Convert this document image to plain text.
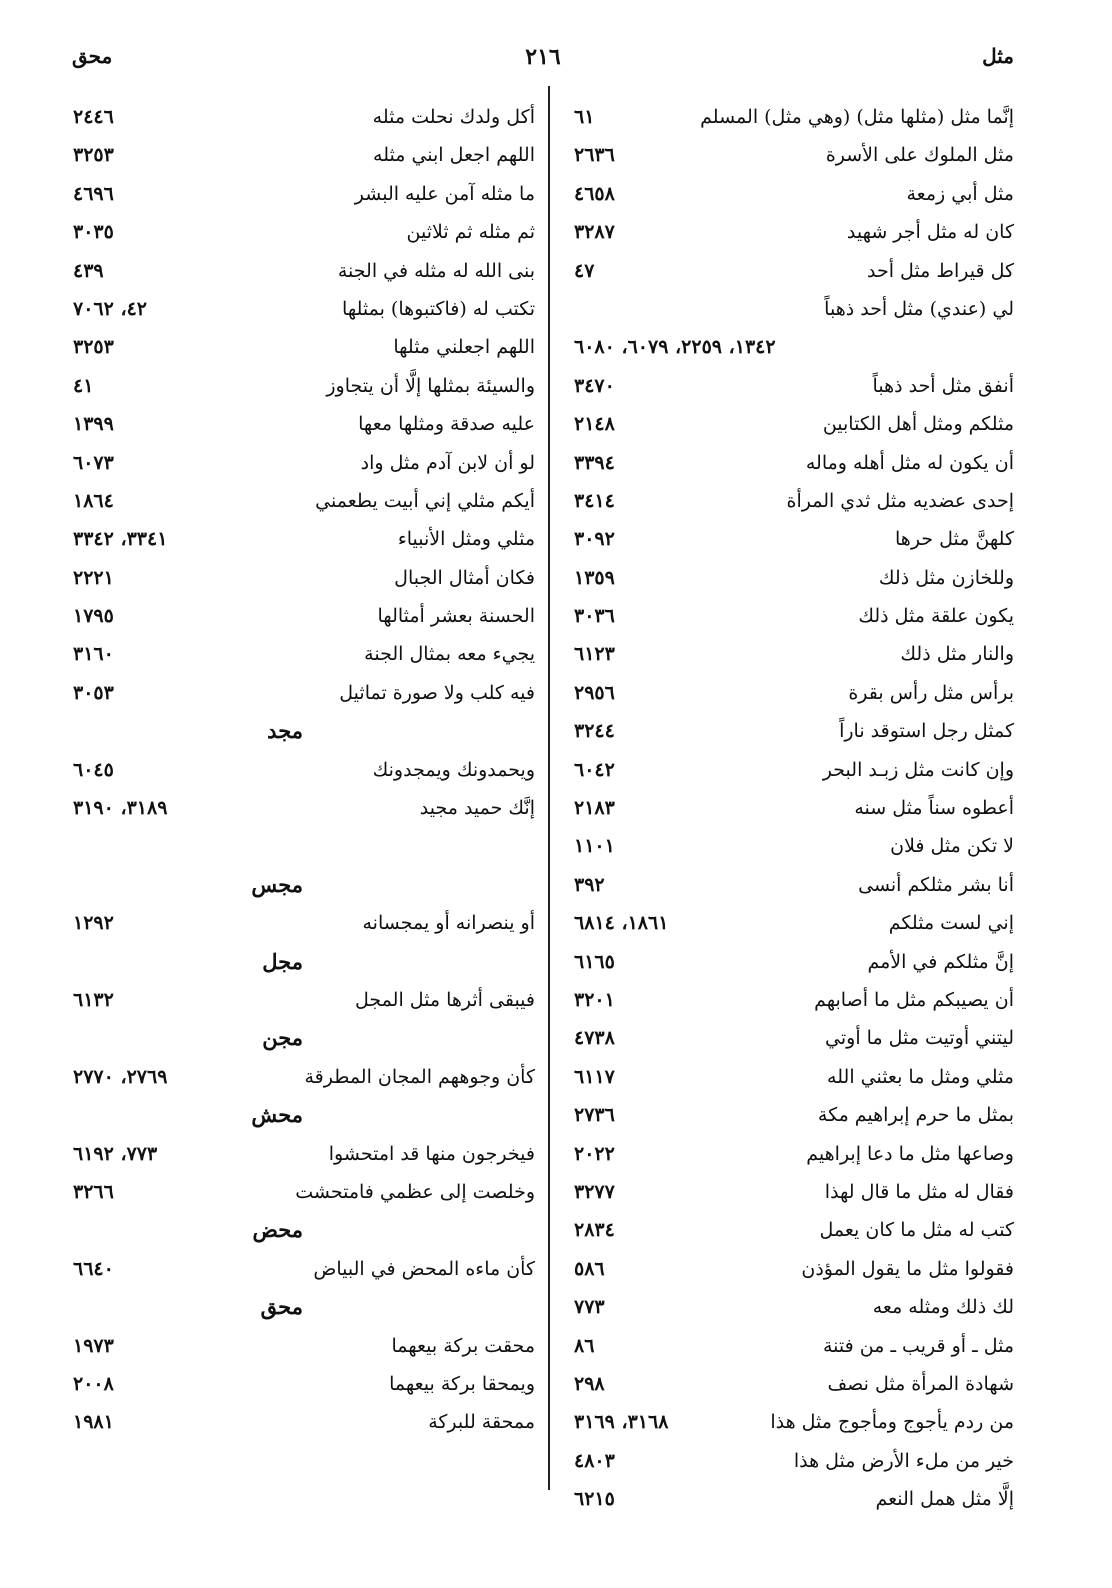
مثل
٢١٦
محق
إنَّما مثل (مثلها مثل) (وهي مثل) المسلم
٦١
مثل الملوك على الأسرة
٢٦٣٦
مثل أبي زمعة
٤٦٥٨
كان له مثل أجر شهيد
٣٢٨٧
كل قيراط مثل أحد
٤٧
لي (عندي) مثل أحد ذهباً
١٣٤٢، ٢٢٥٩، ٦٠٧٩، ٦٠٨٠
أنفق مثل أحد ذهباً
٣٤٧٠
مثلكم ومثل أهل الكتابين
٢١٤٨
أن يكون له مثل أهله وماله
٣٣٩٤
إحدى عضديه مثل ثدي المرأة
٣٤١٤
كلهنَّ مثل حرها
٣٠٩٢
وللخازن مثل ذلك
١٣٥٩
يكون علقة مثل ذلك
٣٠٣٦
والنار مثل ذلك
٦١٢٣
برأس مثل رأس بقرة
٢٩٥٦
كمثل رجل استوقد ناراً
٣٢٤٤
وإن كانت مثل زبـد البحر
٦٠٤٢
أعطوه سناً مثل سنه
٢١٨٣
لا تكن مثل فلان
١١٠١
أنا بشر مثلكم أنسى
٣٩٢
إني لست مثلكم
١٨٦١، ٦٨١٤
إنَّ مثلكم في الأمم
٦١٦٥
أن يصيبكم مثل ما أصابهم
٣٢٠١
ليتني أوتيت مثل ما أوتي
٤٧٣٨
مثلي ومثل ما بعثني الله
٦١١٧
بمثل ما حرم إبراهيم مكة
٢٧٣٦
وصاعها مثل ما دعا إبراهيم
٢٠٢٢
فقال له مثل ما قال لهذا
٣٢٧٧
كتب له مثل ما كان يعمل
٢٨٣٤
فقولوا مثل ما يقول المؤذن
٥٨٦
لك ذلك ومثله معه
٧٧٣
مثل ـ أو قريب ـ من فتنة
٨٦
شهادة المرأة مثل نصف
٢٩٨
من ردم يأجوج ومأجوج مثل هذا
٣١٦٨، ٣١٦٩
خير من ملء الأرض مثل هذا
٤٨٠٣
إلَّا مثل همل النعم
٦٢١٥
أكل ولدك نحلت مثله
٢٤٤٦
اللهم اجعل ابني مثله
٣٢٥٣
ما مثله آمن عليه البشر
٤٦٩٦
ثم مثله ثم ثلاثين
٣٠٣٥
بنى الله له مثله في الجنة
٤٣٩
تكتب له (فاكتبوها) بمثلها
٤٢، ٧٠٦٢
اللهم اجعلني مثلها
٣٢٥٣
والسيئة بمثلها إلَّا أن يتجاوز
٤١
عليه صدقة ومثلها معها
١٣٩٩
لو أن لابن آدم مثل واد
٦٠٧٣
أيكم مثلي إني أبيت يطعمني
١٨٦٤
مثلي ومثل الأنبياء
٣٣٤١، ٣٣٤٢
فكان أمثال الجبال
٢٢٢١
الحسنة بعشر أمثالها
١٧٩٥
يجيء معه بمثال الجنة
٣١٦٠
فيه كلب ولا صورة تماثيل
٣٠٥٣
مجد
ويحمدونك ويمجدونك
٦٠٤٥
إنَّك حميد مجيد
٣١٨٩، ٣١٩٠
مجس
أو ينصرانه أو يمجسانه
١٢٩٢
مجل
فيبقى أثرها مثل المجل
٦١٣٢
مجن
كأن وجوههم المجان المطرقة
٢٧٦٩، ٢٧٧٠
محش
فيخرجون منها قد امتحشوا
٧٧٣، ٦١٩٢
وخلصت إلى عظمي فامتحشت
٣٢٦٦
محض
كأن ماءه المحض في البياض
٦٦٤٠
محق
محقت بركة بيعهما
١٩٧٣
ويمحقا بركة بيعهما
٢٠٠٨
ممحقة للبركة
١٩٨١
